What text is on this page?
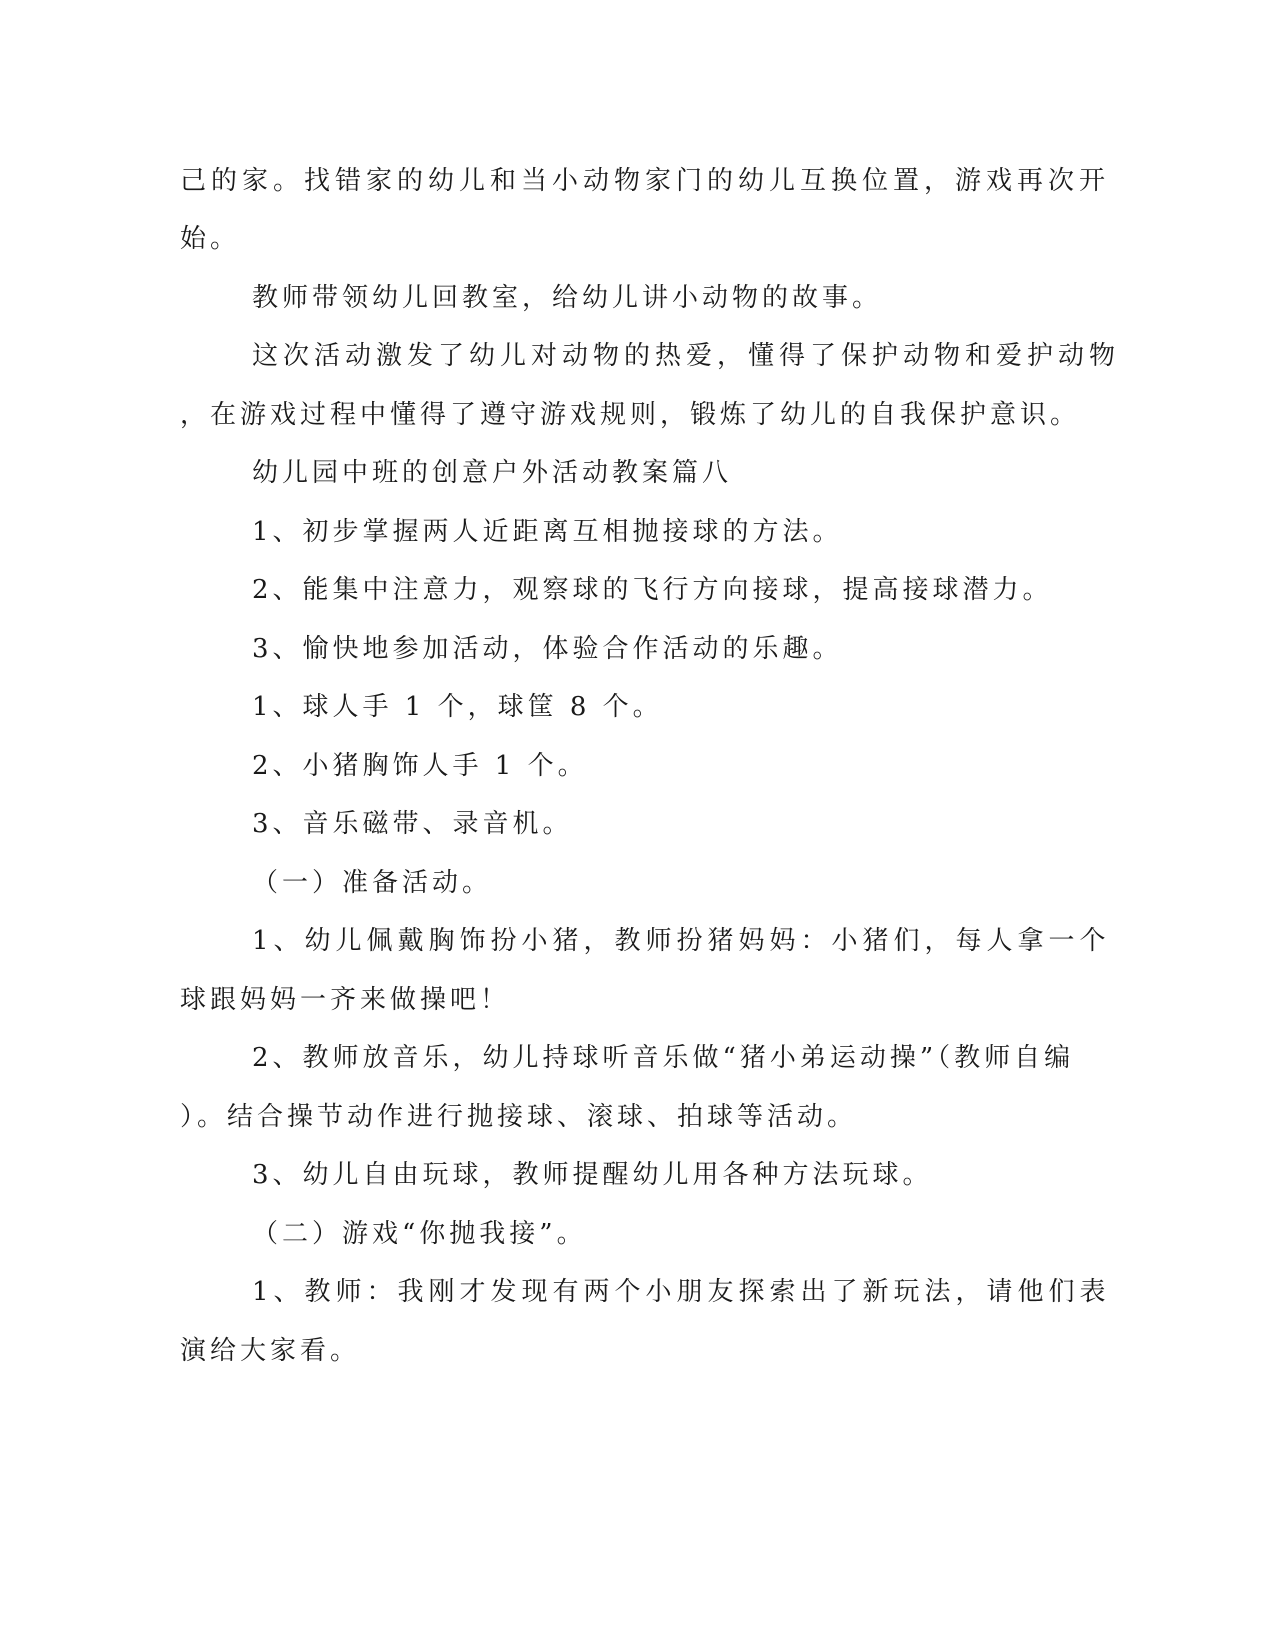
己的家。找错家的幼儿和当小动物家门的幼儿互换位置，游戏再次开
始。
教师带领幼儿回教室，给幼儿讲小动物的故事。
这次活动激发了幼儿对动物的热爱，懂得了保护动物和爱护动物
，在游戏过程中懂得了遵守游戏规则，锻炼了幼儿的自我保护意识。
幼儿园中班的创意户外活动教案篇八
1、初步掌握两人近距离互相抛接球的方法。
2、能集中注意力，观察球的飞行方向接球，提高接球潜力。
3、愉快地参加活动，体验合作活动的乐趣。
1、球人手 1 个，球筐 8 个。
2、小猪胸饰人手 1 个。
3、音乐磁带、录音机。
（一）准备活动。
1、幼儿佩戴胸饰扮小猪，教师扮猪妈妈：小猪们，每人拿一个
球跟妈妈一齐来做操吧！
2、教师放音乐，幼儿持球听音乐做“猪小弟运动操”（教师自编
）。结合操节动作进行抛接球、滚球、拍球等活动。
3、幼儿自由玩球，教师提醒幼儿用各种方法玩球。
（二）游戏“你抛我接”。
1、教师：我刚才发现有两个小朋友探索出了新玩法，请他们表
演给大家看。
